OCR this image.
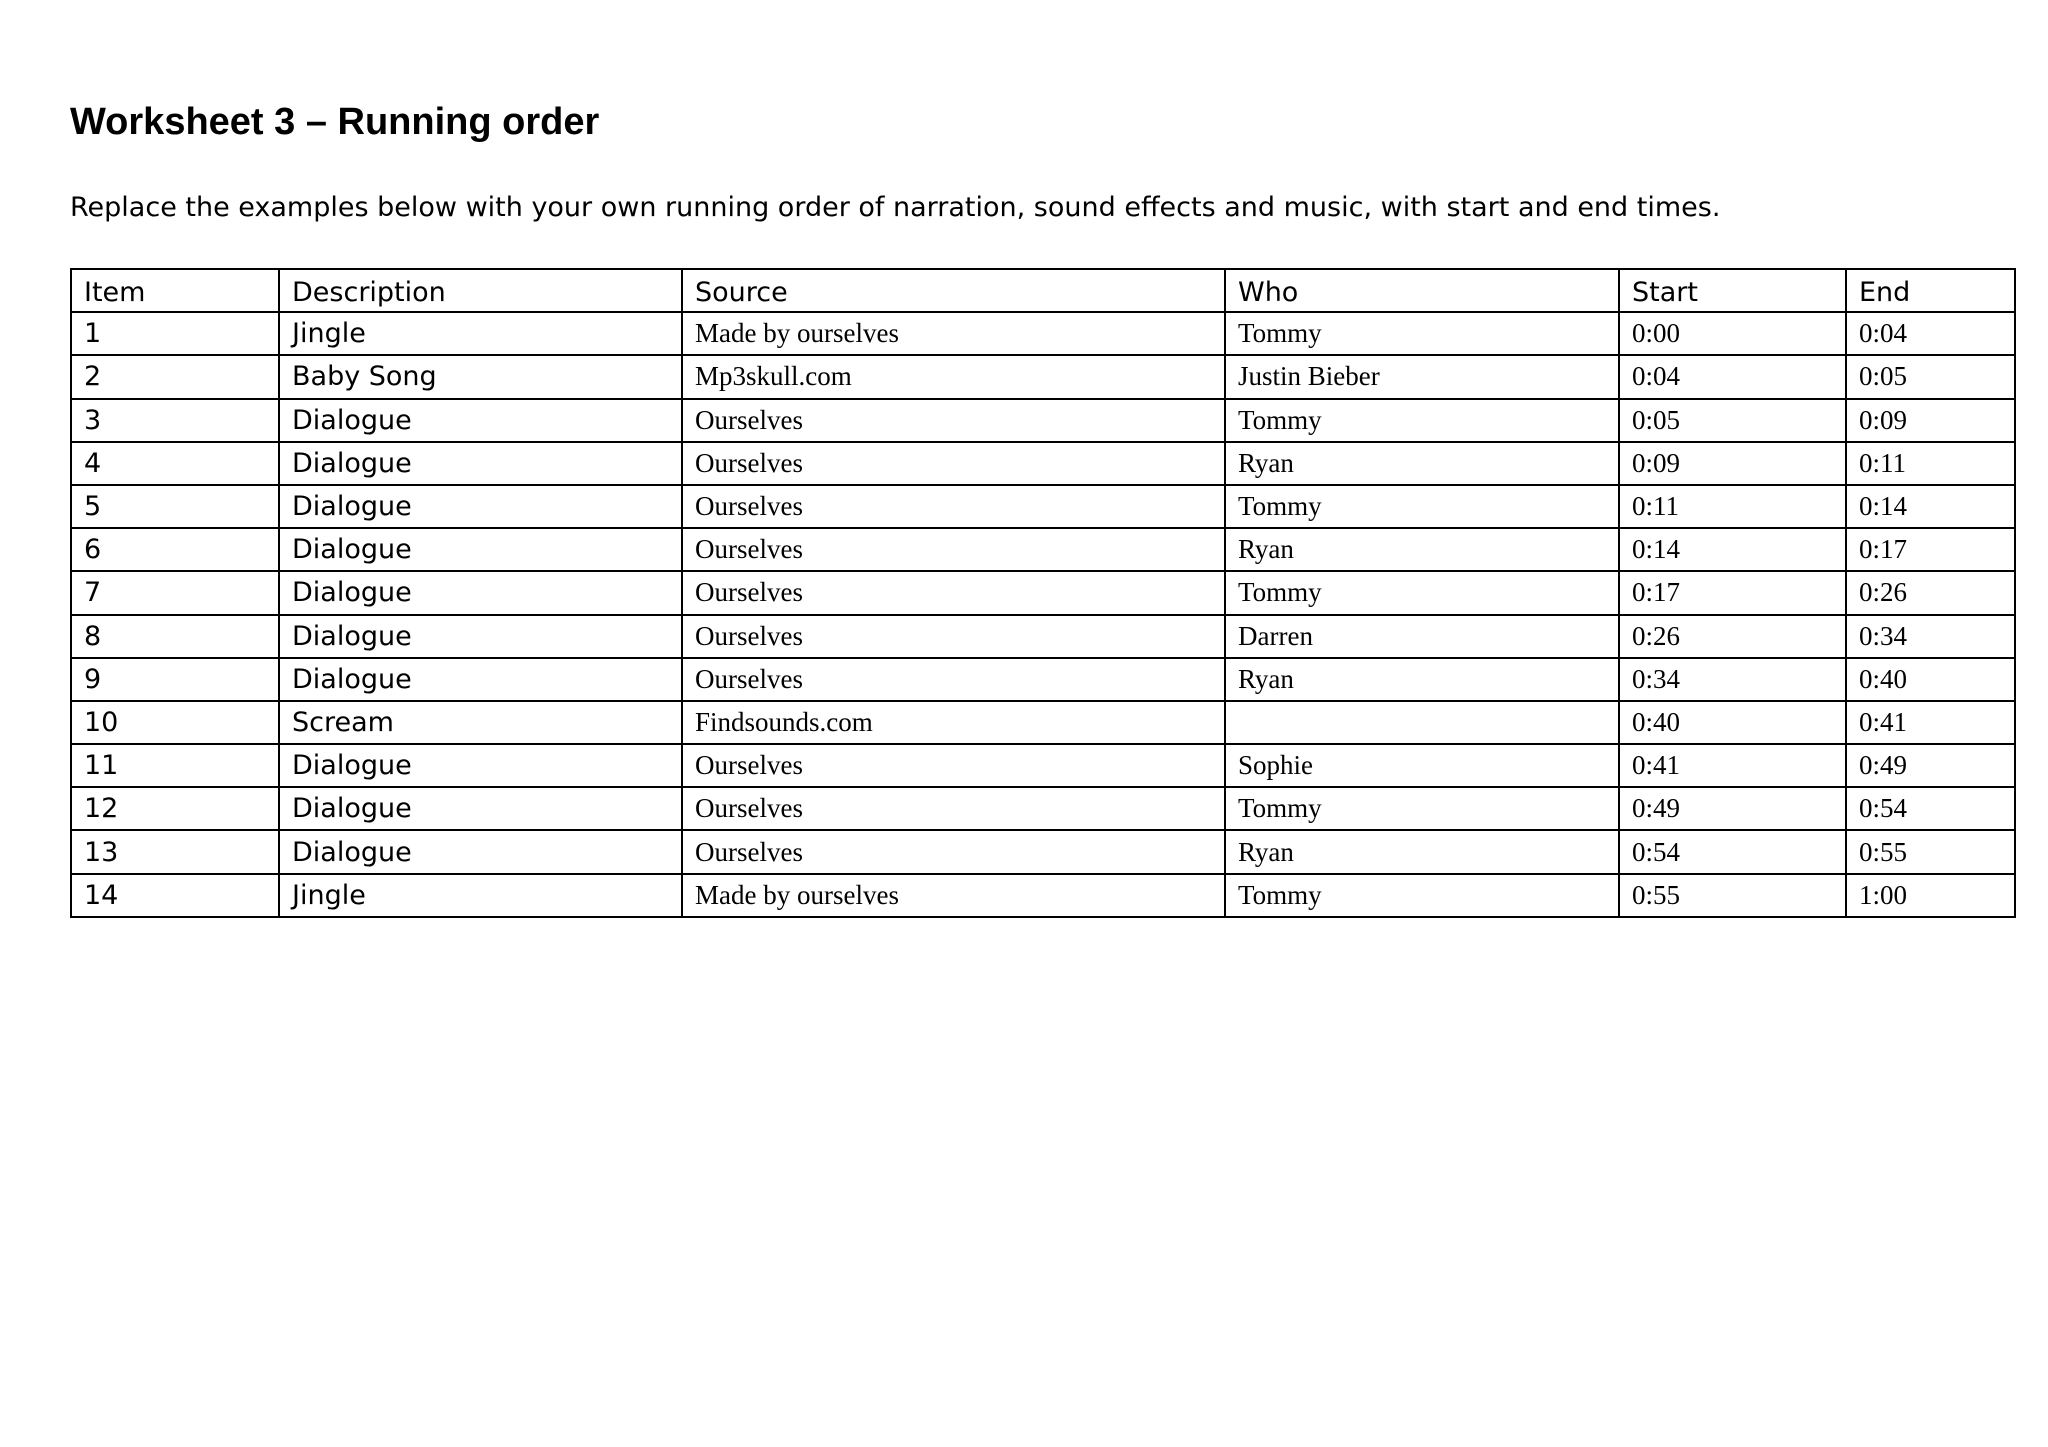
Worksheet 3 – Running order

Replace the examples below with your own running order of narration, sound effects and music, with start and end times.

Item	Description	Source	Who	Start	End
1	Jingle	Made by ourselves	Tommy	0:00	0:04
2	Baby Song	Mp3skull.com	Justin Bieber	0:04	0:05
3	Dialogue	Ourselves	Tommy	0:05	0:09
4	Dialogue	Ourselves	Ryan	0:09	0:11
5	Dialogue	Ourselves	Tommy	0:11	0:14
6	Dialogue	Ourselves	Ryan	0:14	0:17
7	Dialogue	Ourselves	Tommy	0:17	0:26
8	Dialogue	Ourselves	Darren	0:26	0:34
9	Dialogue	Ourselves	Ryan	0:34	0:40
10	Scream	Findsounds.com		0:40	0:41
11	Dialogue	Ourselves	Sophie	0:41	0:49
12	Dialogue	Ourselves	Tommy	0:49	0:54
13	Dialogue	Ourselves	Ryan	0:54	0:55
14	Jingle	Made by ourselves	Tommy	0:55	1:00
